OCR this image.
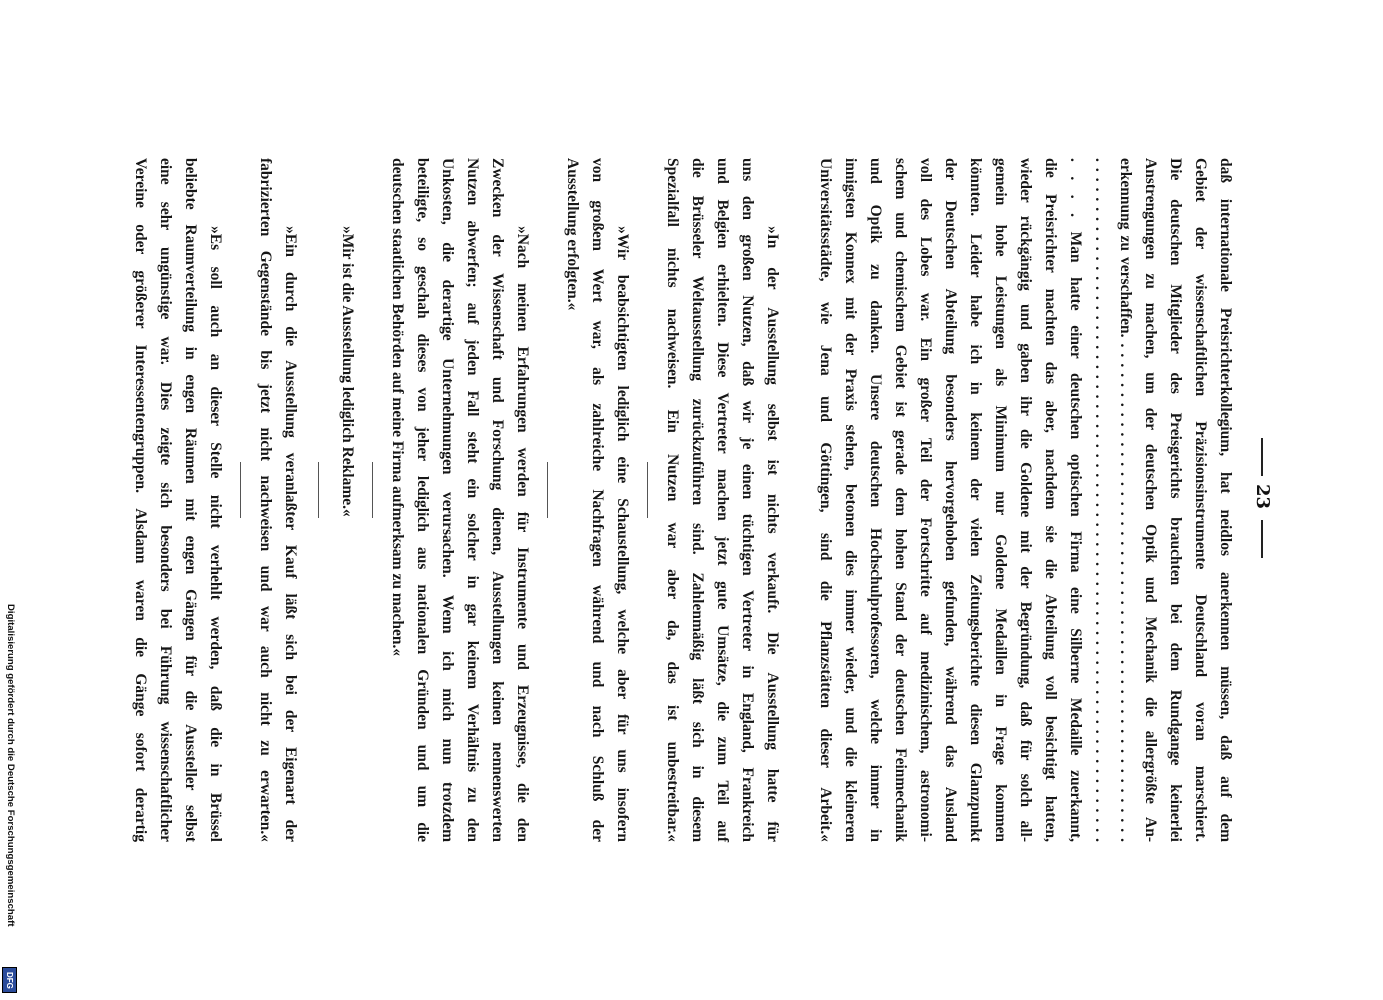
23
daß internationale Preisrichterkollegium, hat neidlos anerkennen müssen, daß auf dem
Gebiet der wissenschaftlichen Präzisionsinstrumente Deutschland voran marschiert.
Die deutschen Mitglieder des Preisgerichts brauchten bei dem Rundgange keinerlei
Anstrengungen zu machen, um der deutschen Optik und Mechanik die allergrößte An-
erkennung zu verschaffen. . . . . . . . . . . . . . . . . . . . . . . . . . . . . . . . . . . . . . . . . . . . . . . . . . . .
. . . . . . . . . . . . . . . . . . . . . . . . . . . . . . . . . . . . . . . . . . . . . . . . . . . . . . . . . . . . . . . . . . . . . .
. . . . Man hatte einer deutschen optischen Firma eine Silberne Medaille zuerkannt,
die Preisrichter machten das aber, nachdem sie die Abteilung voll besichtigt hatten,
wieder rückgängig und gaben ihr die Goldene mit der Begründung, daß für solch all-
gemein hohe Leistungen als Minimum nur Goldene Medaillen in Frage kommen
könnten. Leider habe ich in keinem der vielen Zeitungsberichte diesen Glanzpunkt
der Deutschen Abteilung besonders hervorgehoben gefunden, während das Ausland
voll des Lobes war. Ein großer Teil der Fortschritte auf medizinischem, astronomi-
schem und chemischem Gebiet ist gerade dem hohen Stand der deutschen Feinmechanik
und Optik zu danken. Unsere deutschen Hochschulprofessoren, welche immer in
innigsten Konnex mit der Praxis stehen, betonen dies immer wieder, und die kleineren
Universitätsstädte, wie Jena und Göttingen, sind die Pflanzstätten dieser Arbeit.«
»In der Ausstellung selbst ist nichts verkauft. Die Ausstellung hatte für
uns den großen Nutzen, daß wir je einen tüchtigen Vertreter in England, Frankreich
und Belgien erhielten. Diese Vertreter machen jetzt gute Umsätze, die zum Teil auf
die Brüsseler Weltausstellung zurückzuführen sind. Zahlenmäßig läßt sich in diesem
Spezialfall nichts nachweisen. Ein Nutzen war aber da, das ist unbestreitbar.«
»Wir beabsichtigten lediglich eine Schaustellung, welche aber für uns insofern
von großem Wert war, als zahlreiche Nachfragen während und nach Schluß der
Ausstellung erfolgten.«
»Nach meinen Erfahrungen werden für Instrumente und Erzeugnisse, die den
Zwecken der Wissenschaft und Forschung dienen, Ausstellungen keinen nennenswerten
Nutzen abwerfen; auf jeden Fall steht ein solcher in gar keinem Verhältnis zu den
Unkosten, die derartige Unternehmungen verursachen. Wenn ich mich nun trotzdem
beteiligte, so geschah dieses von jeher lediglich aus nationalen Gründen und um die
deutschen staatlichen Behörden auf meine Firma aufmerksam zu machen.«
»Mir ist die Ausstellung lediglich Reklame.«
»Ein durch die Ausstellung veranlaßter Kauf läßt sich bei der Eigenart der
fabrizierten Gegenstände bis jetzt nicht nachweisen und war auch nicht zu erwarten.«
»Es soll auch an dieser Stelle nicht verhehlt werden, daß die in Brüssel
beliebte Raumverteilung in engen Räumen mit engen Gängen für die Aussteller selbst
eine sehr ungünstige war. Dies zeigte sich besonders bei Führung wissenschaftlicher
Vereine oder größerer Interessentengruppen. Alsdann waren die Gänge sofort derartig
Digitalisierung gefördert durch die Deutsche Forschungsgemeinschaft
DFG
